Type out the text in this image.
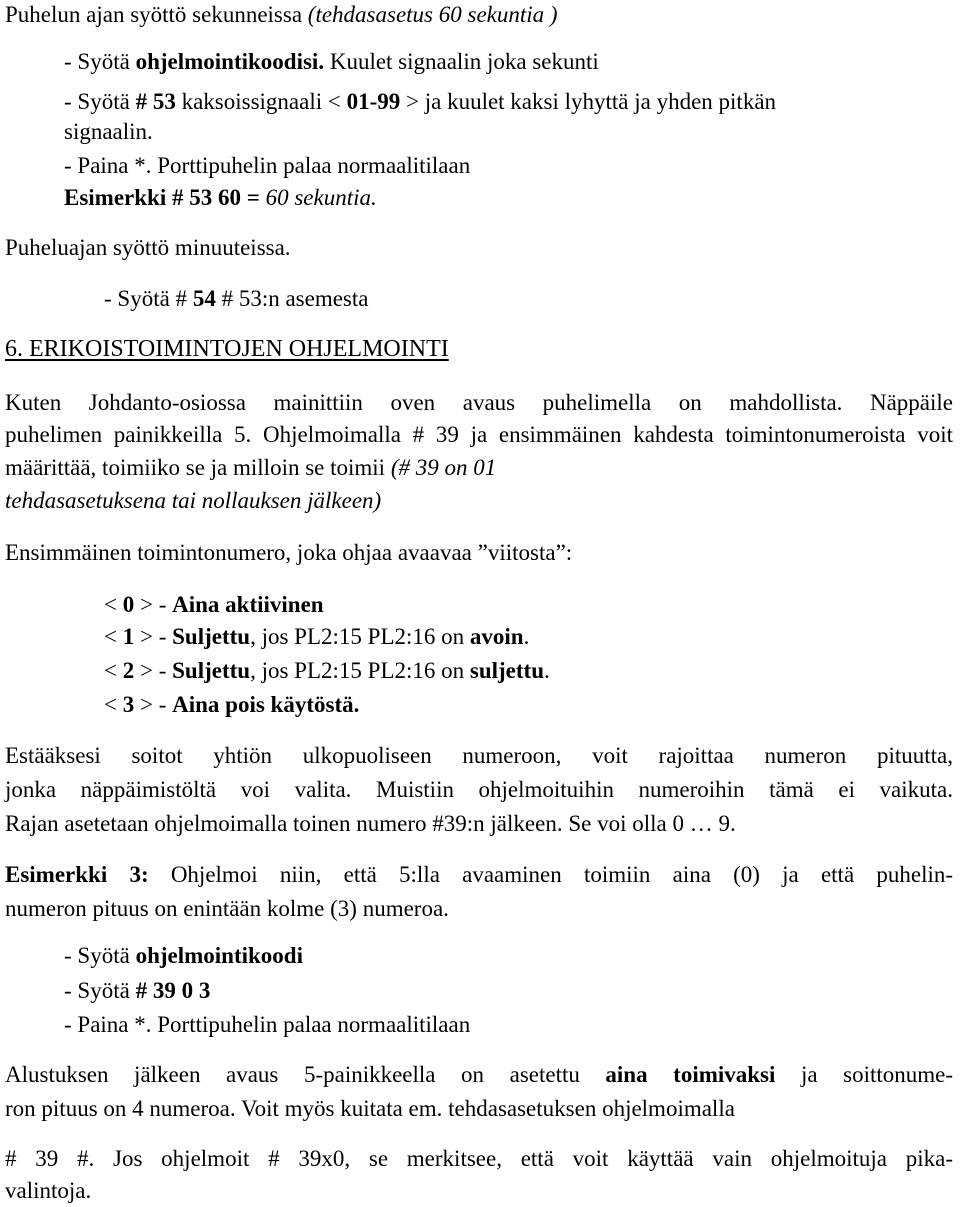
Puhelun ajan syöttö sekunneissa (tehdasasetus 60 sekuntia )
- Syötä ohjelmointikoodisi. Kuulet signaalin joka sekunti
- Syötä # 53 kaksoissignaali < 01-99 > ja kuulet kaksi lyhyttä ja yhden pitkän
signaalin.
- Paina *. Porttipuhelin palaa normaalitilaan
Esimerkki # 53 60 = 60 sekuntia.
Puheluajan syöttö minuuteissa.
- Syötä # 54 # 53:n asemesta
6. ERIKOISTOIMINTOJEN OHJELMOINTI
Kuten Johdanto-osiossa mainittiin oven avaus puhelimella on mahdollista. Näppäile
puhelimen painikkeilla 5. Ohjelmoimalla # 39 ja ensimmäinen kahdesta toimintonumeroista voit määrittää, toimiiko se ja milloin se toimii (# 39 on 01
tehdasasetuksena tai nollauksen jälkeen)
Ensimmäinen toimintonumero, joka ohjaa avaavaa ”viitosta”:
< 0 > - Aina aktiivinen
< 1 > - Suljettu, jos PL2:15 PL2:16 on avoin.
< 2 > - Suljettu, jos PL2:15 PL2:16 on suljettu.
< 3 > - Aina pois käytöstä.
Estääksesi soitot yhtiön ulkopuoliseen numeroon, voit rajoittaa numeron pituutta,
jonka näppäimistöltä voi valita. Muistiin ohjelmoituihin numeroihin tämä ei vaikuta.
Rajan asetetaan ohjelmoimalla toinen numero #39:n jälkeen. Se voi olla 0 … 9.
Esimerkki 3: Ohjelmoi niin, että 5:lla avaaminen toimiin aina (0) ja että puhelin-
numeron pituus on enintään kolme (3) numeroa.
- Syötä ohjelmointikoodi
- Syötä # 39 0 3
- Paina *. Porttipuhelin palaa normaalitilaan
Alustuksen jälkeen avaus 5-painikkeella on asetettu aina toimivaksi ja soittonume-
ron pituus on 4 numeroa. Voit myös kuitata em. tehdasasetuksen ohjelmoimalla
# 39 #. Jos ohjelmoit # 39x0, se merkitsee, että voit käyttää vain ohjelmoituja pika-
valintoja.
